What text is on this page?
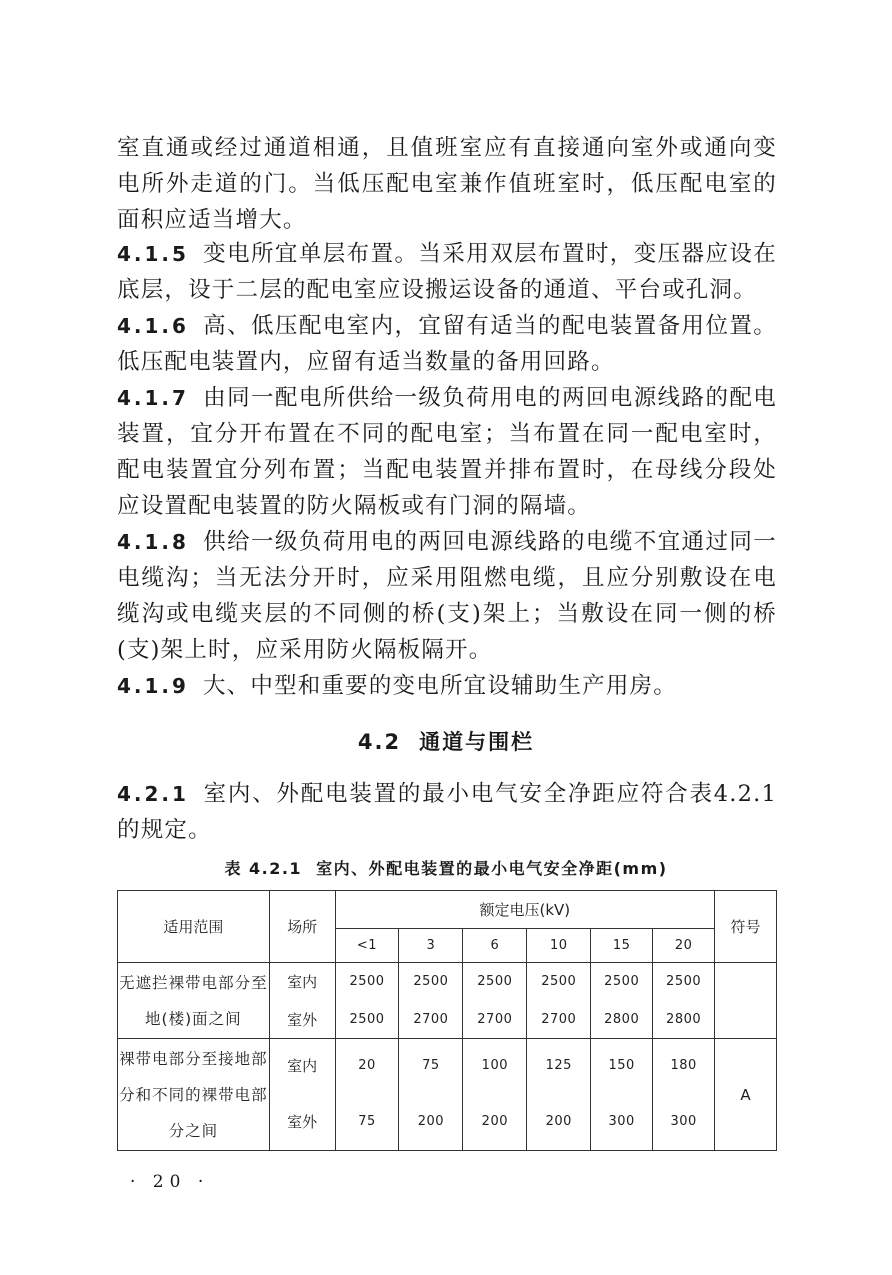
室直通或经过通道相通，且值班室应有直接通向室外或通向变电所外走道的门。当低压配电室兼作值班室时，低压配电室的面积应适当增大。

4.1.5 变电所宜单层布置。当采用双层布置时，变压器应设在底层，设于二层的配电室应设搬运设备的通道、平台或孔洞。

4.1.6 高、低压配电室内，宜留有适当的配电装置备用位置。低压配电装置内，应留有适当数量的备用回路。

4.1.7 由同一配电所供给一级负荷用电的两回电源线路的配电装置，宜分开布置在不同的配电室；当布置在同一配电室时，配电装置宜分列布置；当配电装置并排布置时，在母线分段处应设置配电装置的防火隔板或有门洞的隔墙。

4.1.8 供给一级负荷用电的两回电源线路的电缆不宜通过同一电缆沟；当无法分开时，应采用阻燃电缆，且应分别敷设在电缆沟或电缆夹层的不同侧的桥(支)架上；当敷设在同一侧的桥(支)架上时，应采用防火隔板隔开。

4.1.9 大、中型和重要的变电所宜设辅助生产用房。

4.2 通道与围栏

4.2.1 室内、外配电装置的最小电气安全净距应符合表4.2.1的规定。

表 4.2.1 室内、外配电装置的最小电气安全净距(mm)
适用范围	场所	额定电压(kV)						符号
		<1	3	6	10	15	20	
无遮拦裸带电部分至地(楼)面之间	室内	2500	2500	2500	2500	2500	2500	
	室外	2500	2700	2700	2700	2800	2800	
裸带电部分至接地部分和不同的裸带电部分之间	室内	20	75	100	125	150	180	A
	室外	75	200	200	200	300	300	
· 20 ·
